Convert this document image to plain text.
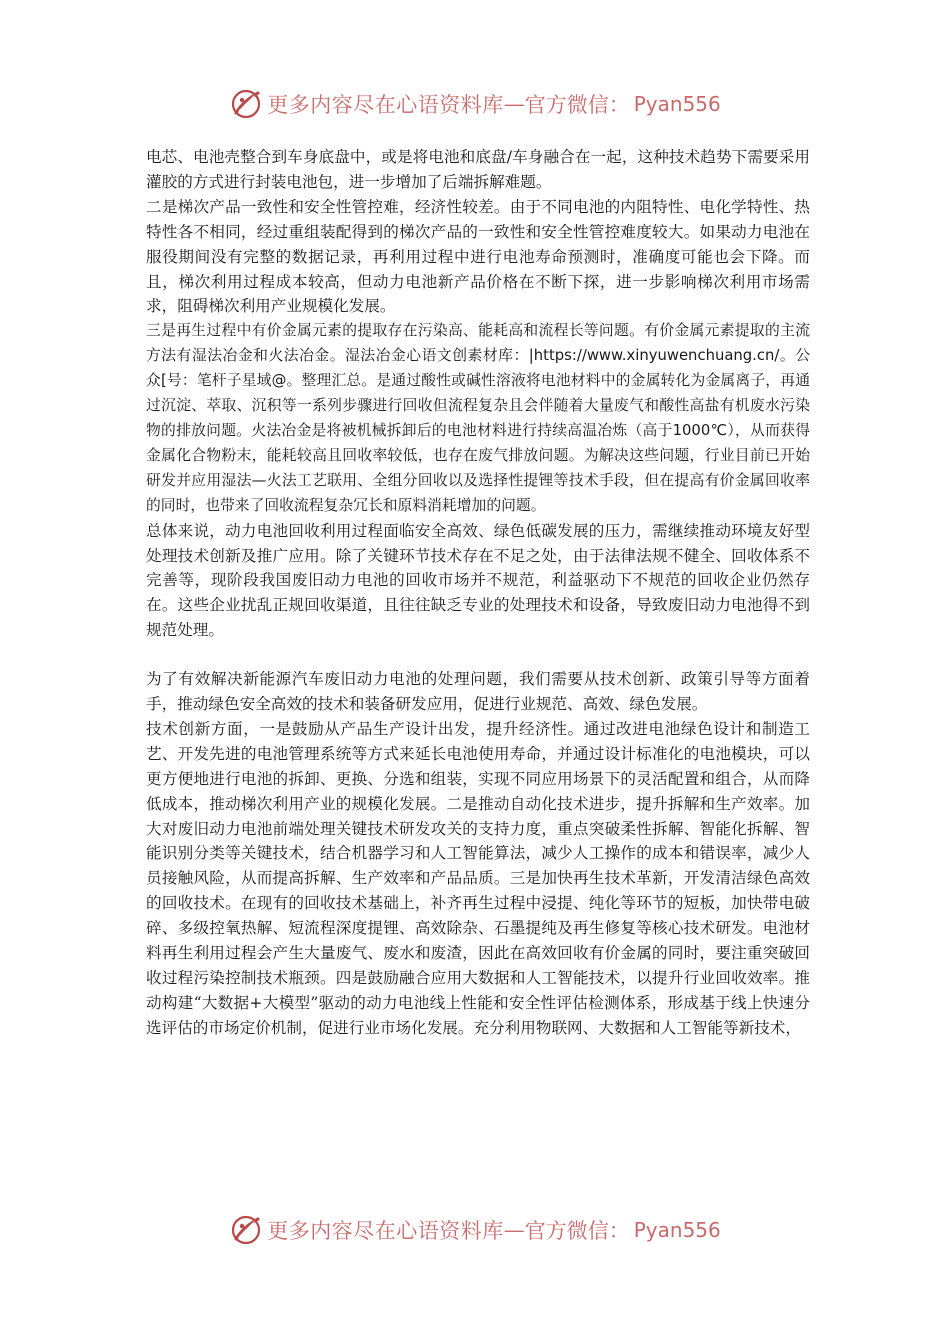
更多内容尽在心语资料库 — 官方微信： Pyan556

电芯、电池壳整合到车身底盘中，或是将电池和底盘/车身融合在一起，这种技术趋势下需要采用灌胶的方式进行封装电池包，进一步增加了后端拆解难题。

二是梯次产品一致性和安全性管控难，经济性较差。由于不同电池的内阻特性、电化学特性、热特性各不相同，经过重组装配得到的梯次产品的一致性和安全性管控难度较大。如果动力电池在服役期间没有完整的数据记录，再利用过程中进行电池寿命预测时，准确度可能也会下降。而且，梯次利用过程成本较高，但动力电池新产品价格在不断下探，进一步影响梯次利用市场需求，阻碍梯次利用产业规模化发展。

三是再生过程中有价金属元素的提取存在污染高、能耗高和流程长等问题。有价金属元素提取的主流方法有湿法冶金和火法冶金。湿法冶金心语文创素材库：|https://www.xinyuwenchuang.cn/。公众[号：笔杆子星域@。整理汇总。是通过酸性或碱性溶液将电池材料中的金属转化为金属离子，再通过沉淀、萃取、沉积等一系列步骤进行回收但流程复杂且会伴随着大量废气和酸性高盐有机废水污染物的排放问题。火法冶金是将被机械拆卸后的电池材料进行持续高温冶炼（高于1000℃），从而获得金属化合物粉末，能耗较高且回收率较低，也存在废气排放问题。为解决这些问题，行业目前已开始研发并应用湿法—火法工艺联用、全组分回收以及选择性提锂等技术手段，但在提高有价金属回收率的同时，也带来了回收流程复杂冗长和原料消耗增加的问题。

总体来说，动力电池回收利用过程面临安全高效、绿色低碳发展的压力，需继续推动环境友好型处理技术创新及推广应用。除了关键环节技术存在不足之处，由于法律法规不健全、回收体系不完善等，现阶段我国废旧动力电池的回收市场并不规范，利益驱动下不规范的回收企业仍然存在。这些企业扰乱正规回收渠道，且往往缺乏专业的处理技术和设备，导致废旧动力电池得不到规范处理。

为了有效解决新能源汽车废旧动力电池的处理问题，我们需要从技术创新、政策引导等方面着手，推动绿色安全高效的技术和装备研发应用，促进行业规范、高效、绿色发展。

技术创新方面，一是鼓励从产品生产设计出发，提升经济性。通过改进电池绿色设计和制造工艺、开发先进的电池管理系统等方式来延长电池使用寿命，并通过设计标准化的电池模块，可以更方便地进行电池的拆卸、更换、分选和组装，实现不同应用场景下的灵活配置和组合，从而降低成本，推动梯次利用产业的规模化发展。二是推动自动化技术进步，提升拆解和生产效率。加大对废旧动力电池前端处理关键技术研发攻关的支持力度，重点突破柔性拆解、智能化拆解、智能识别分类等关键技术，结合机器学习和人工智能算法，减少人工操作的成本和错误率，减少人员接触风险，从而提高拆解、生产效率和产品品质。三是加快再生技术革新，开发清洁绿色高效的回收技术。在现有的回收技术基础上，补齐再生过程中浸提、纯化等环节的短板，加快带电破碎、多级控氧热解、短流程深度提锂、高效除杂、石墨提纯及再生修复等核心技术研发。电池材料再生利用过程会产生大量废气、废水和废渣，因此在高效回收有价金属的同时，要注重突破回收过程污染控制技术瓶颈。四是鼓励融合应用大数据和人工智能技术，以提升行业回收效率。推动构建“大数据+大模型”驱动的动力电池线上性能和安全性评估检测体系，形成基于线上快速分选评估的市场定价机制，促进行业市场化发展。充分利用物联网、大数据和人工智能等新技术，

更多内容尽在心语资料库 — 官方微信： Pyan556
